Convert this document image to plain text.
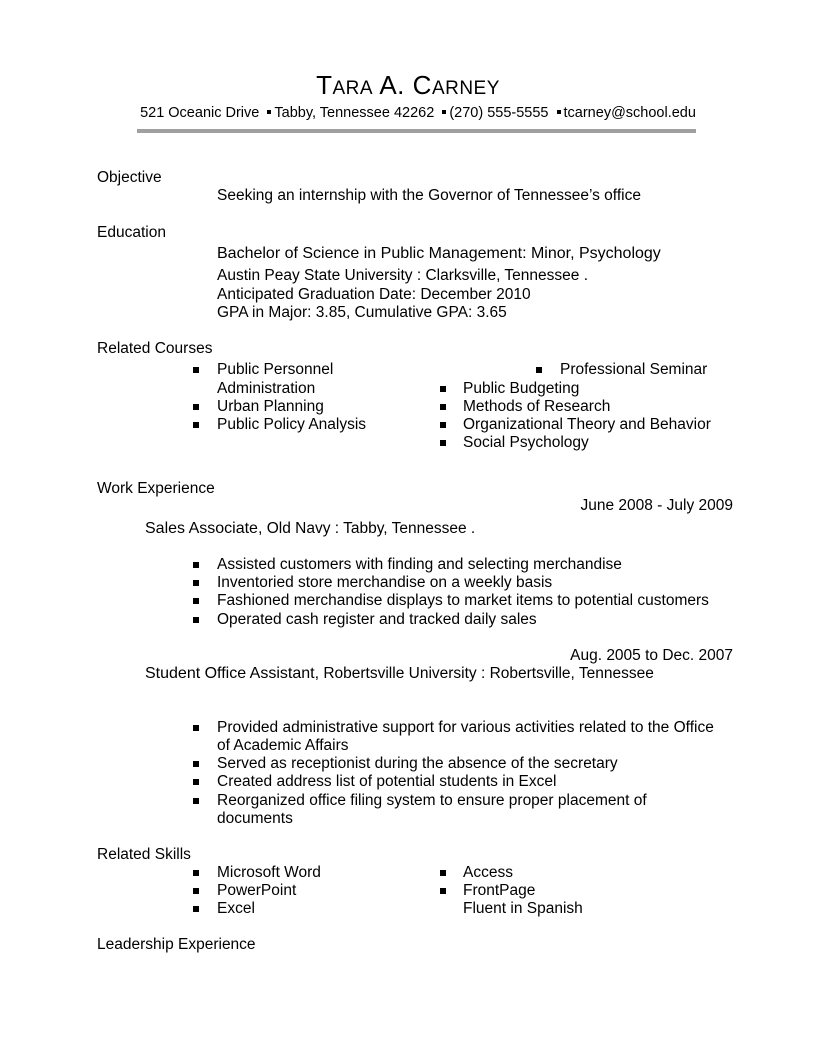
TARA A. CARNEY
521 Oceanic Drive Tabby, Tennessee 42262 (270) 555-5555 tcarney@school.edu
Objective
Seeking an internship with the Governor of Tennessee’s office
Education
Bachelor of Science in Public Management: Minor, Psychology
Austin Peay State University : Clarksville, Tennessee .
Anticipated Graduation Date: December 2010
GPA in Major: 3.85, Cumulative GPA: 3.65
Related Courses
Public Personnel
Administration
Urban Planning
Public Policy Analysis
Professional Seminar
Public Budgeting
Methods of Research
Organizational Theory and Behavior
Social Psychology
Work Experience
June 2008 - July 2009
Sales Associate, Old Navy : Tabby, Tennessee .
Assisted customers with finding and selecting merchandise
Inventoried store merchandise on a weekly basis
Fashioned merchandise displays to market items to potential customers
Operated cash register and tracked daily sales
Aug. 2005 to Dec. 2007
Student Office Assistant, Robertsville University : Robertsville, Tennessee
Provided administrative support for various activities related to the Office
of Academic Affairs
Served as receptionist during the absence of the secretary
Created address list of potential students in Excel
Reorganized office filing system to ensure proper placement of
documents
Related Skills
Microsoft Word
PowerPoint
Excel
Access
FrontPage
Fluent in Spanish
Leadership Experience
